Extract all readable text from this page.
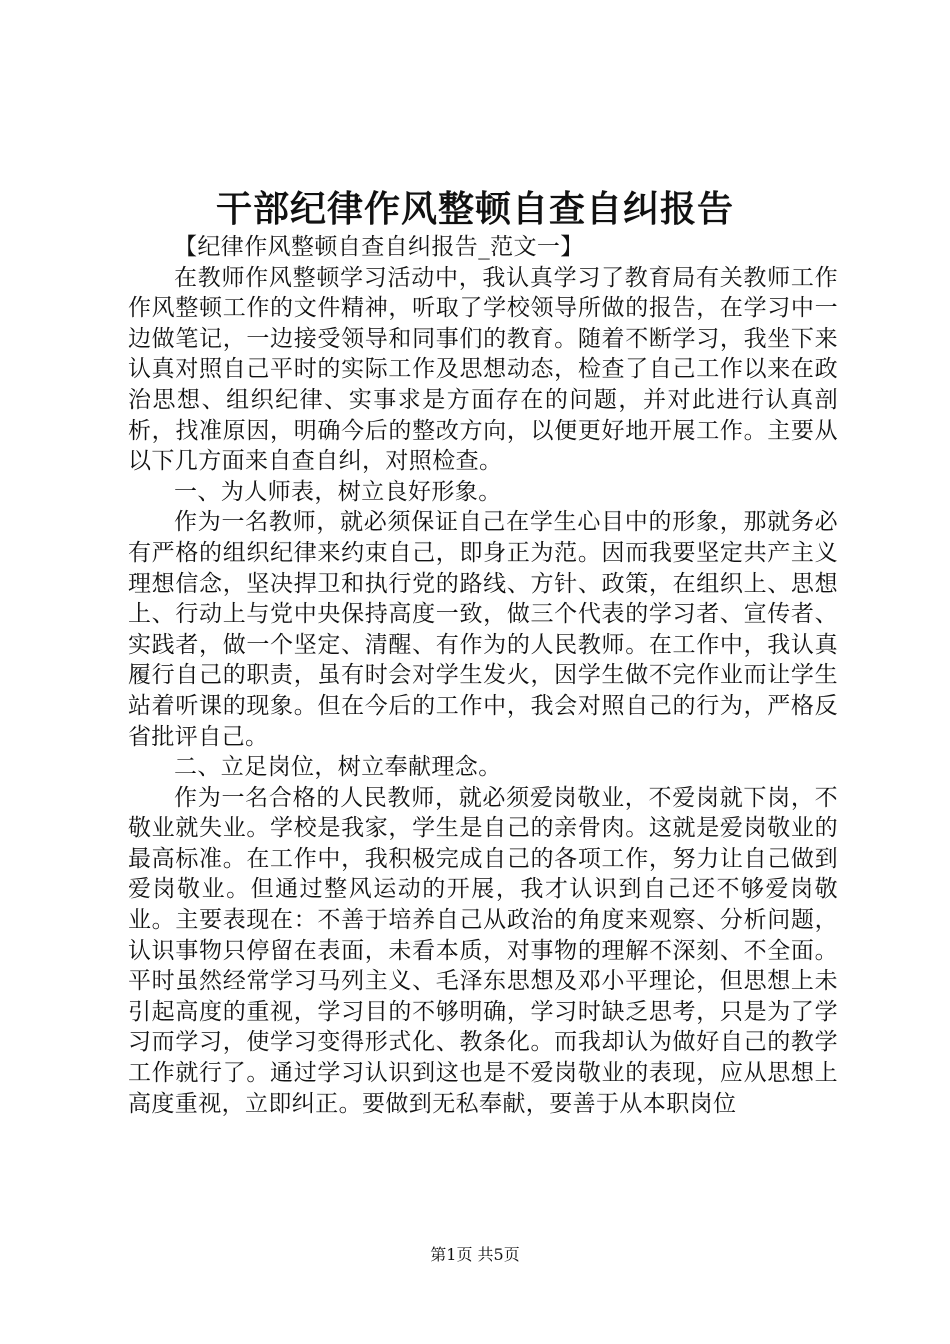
干部纪律作风整顿自查自纠报告

【纪律作风整顿自查自纠报告_范文一】

在教师作风整顿学习活动中，我认真学习了教育局有关教师工作作风整顿工作的文件精神，听取了学校领导所做的报告，在学习中一边做笔记，一边接受领导和同事们的教育。随着不断学习，我坐下来认真对照自己平时的实际工作及思想动态，检查了自己工作以来在政治思想、组织纪律、实事求是方面存在的问题，并对此进行认真剖析，找准原因，明确今后的整改方向，以便更好地开展工作。主要从以下几方面来自查自纠，对照检查。

一、为人师表，树立良好形象。

作为一名教师，就必须保证自己在学生心目中的形象，那就务必有严格的组织纪律来约束自己，即身正为范。因而我要坚定共产主义理想信念，坚决捍卫和执行党的路线、方针、政策，在组织上、思想上、行动上与党中央保持高度一致，做三个代表的学习者、宣传者、实践者，做一个坚定、清醒、有作为的人民教师。在工作中，我认真履行自己的职责，虽有时会对学生发火，因学生做不完作业而让学生站着听课的现象。但在今后的工作中，我会对照自己的行为，严格反省批评自己。

二、立足岗位，树立奉献理念。

作为一名合格的人民教师，就必须爱岗敬业，不爱岗就下岗，不敬业就失业。学校是我家，学生是自己的亲骨肉。这就是爱岗敬业的最高标准。在工作中，我积极完成自己的各项工作，努力让自己做到爱岗敬业。但通过整风运动的开展，我才认识到自己还不够爱岗敬业。主要表现在：不善于培养自己从政治的角度来观察、分析问题，认识事物只停留在表面，未看本质，对事物的理解不深刻、不全面。平时虽然经常学习马列主义、毛泽东思想及邓小平理论，但思想上未引起高度的重视，学习目的不够明确，学习时缺乏思考，只是为了学习而学习，使学习变得形式化、教条化。而我却认为做好自己的教学工作就行了。通过学习认识到这也是不爱岗敬业的表现，应从思想上高度重视，立即纠正。要做到无私奉献，要善于从本职岗位

第1页 共5页
